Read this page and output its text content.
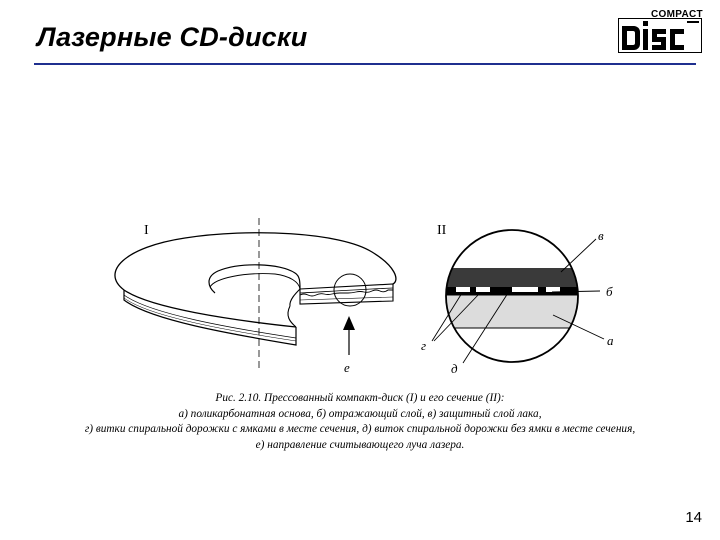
Лазерные CD-диски
COMPACT
I	II	в
б
а
г
д
е
Рис. 2.10. Прессованный компакт-диск (I) и его сечение (II):
а) поликарбонатная основа, б) отражающий слой, в) защитный слой лака,
г) витки спиральной дорожки с ямками в месте сечения, д) виток спиральной дорожки без ямки в месте сечения,
е) направление считывающего луча лазера.
14
